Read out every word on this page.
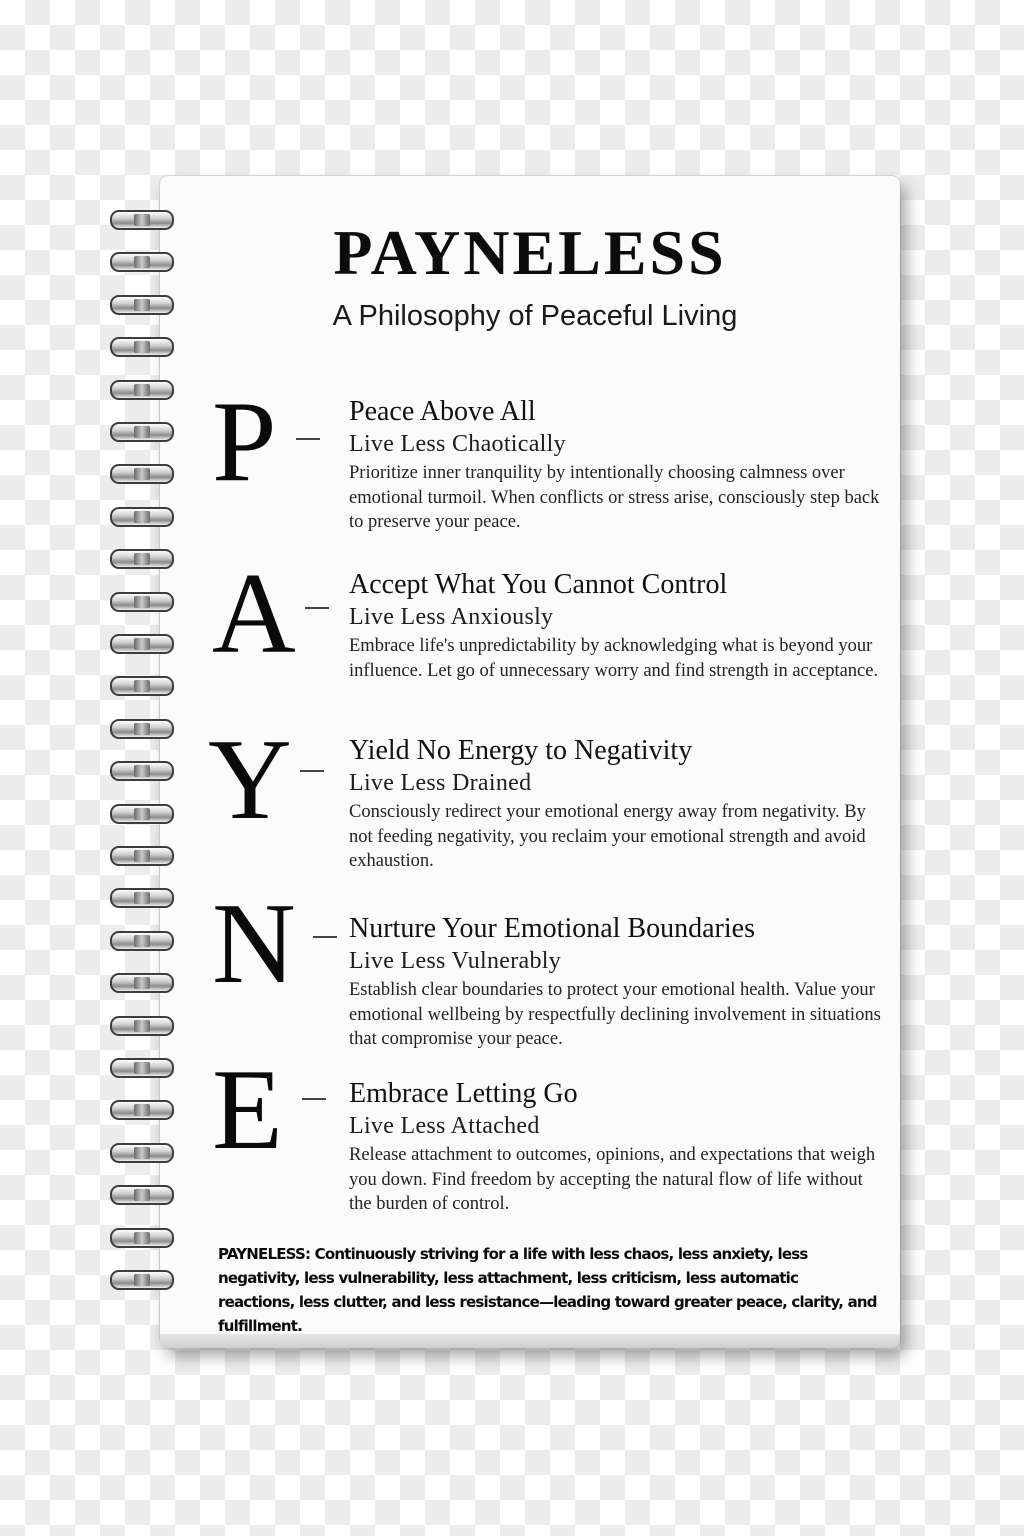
PAYNELESS
A Philosophy of Peaceful Living
P	Peace Above All
Live Less Chaotically
Prioritize inner tranquility by intentionally choosing calmness over emotional turmoil. When conflicts or stress arise, consciously step back to preserve your peace.
A Accept What You Cannot Control
Live Less Anxiously
Embrace life's unpredictability by acknowledging what is beyond your influence. Let go of unnecessary worry and find strength in acceptance.
Y Yield No Energy to Negativity
Live Less Drained
Consciously redirect your emotional energy away from negativity. By not feeding negativity, you reclaim your emotional strength and avoid exhaustion.
N Nurture Your Emotional Boundaries
Live Less Vulnerably
Establish clear boundaries to protect your emotional health. Value your emotional wellbeing by respectfully declining involvement in situations that compromise your peace.
E Embrace Letting Go
Live Less Attached
Release attachment to outcomes, opinions, and expectations that weigh you down. Find freedom by accepting the natural flow of life without the burden of control.
PAYNELESS: Continuously striving for a life with less chaos, less anxiety, less negativity, less vulnerability, less attachment, less criticism, less automatic reactions, less clutter, and less resistance—leading toward greater peace, clarity, and fulfillment.
